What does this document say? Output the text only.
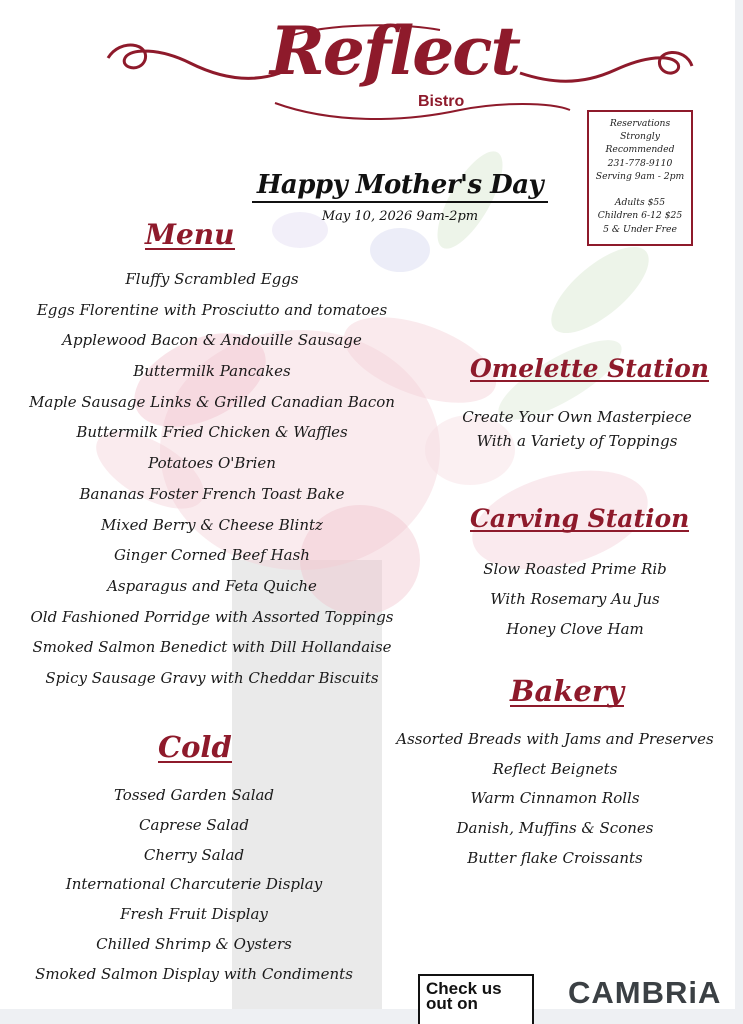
Reflect
Bistro
Reservations
Strongly
Recommended
231-778-9110
Serving 9am - 2pm

Adults $55
Children 6-12 $25
5 & Under Free
Happy Mother's Day
May 10, 2026 9am-2pm
Menu
Fluffy Scrambled Eggs
Eggs Florentine with Prosciutto and tomatoes
Applewood Bacon & Andouille Sausage
Buttermilk Pancakes
Maple Sausage Links & Grilled Canadian Bacon
Buttermilk Fried Chicken & Waffles
Potatoes O'Brien
Bananas Foster French Toast Bake
Mixed Berry & Cheese Blintz
Ginger Corned Beef Hash
Asparagus and Feta Quiche
Old Fashioned Porridge with Assorted Toppings
Smoked Salmon Benedict with Dill Hollandaise
Spicy Sausage Gravy with Cheddar Biscuits
Cold
Tossed Garden Salad
Caprese Salad
Cherry Salad
International Charcuterie Display
Fresh Fruit Display
Chilled Shrimp & Oysters
Smoked Salmon Display with Condiments
Omelette Station
Create Your Own Masterpiece
With a Variety of Toppings
Carving Station
Slow Roasted Prime Rib
With Rosemary Au Jus
Honey Clove Ham
Bakery
Assorted Breads with Jams and Preserves
Reflect Beignets
Warm Cinnamon Rolls
Danish, Muffins & Scones
Butter flake Croissants
Check us out on	CAMBRiA
